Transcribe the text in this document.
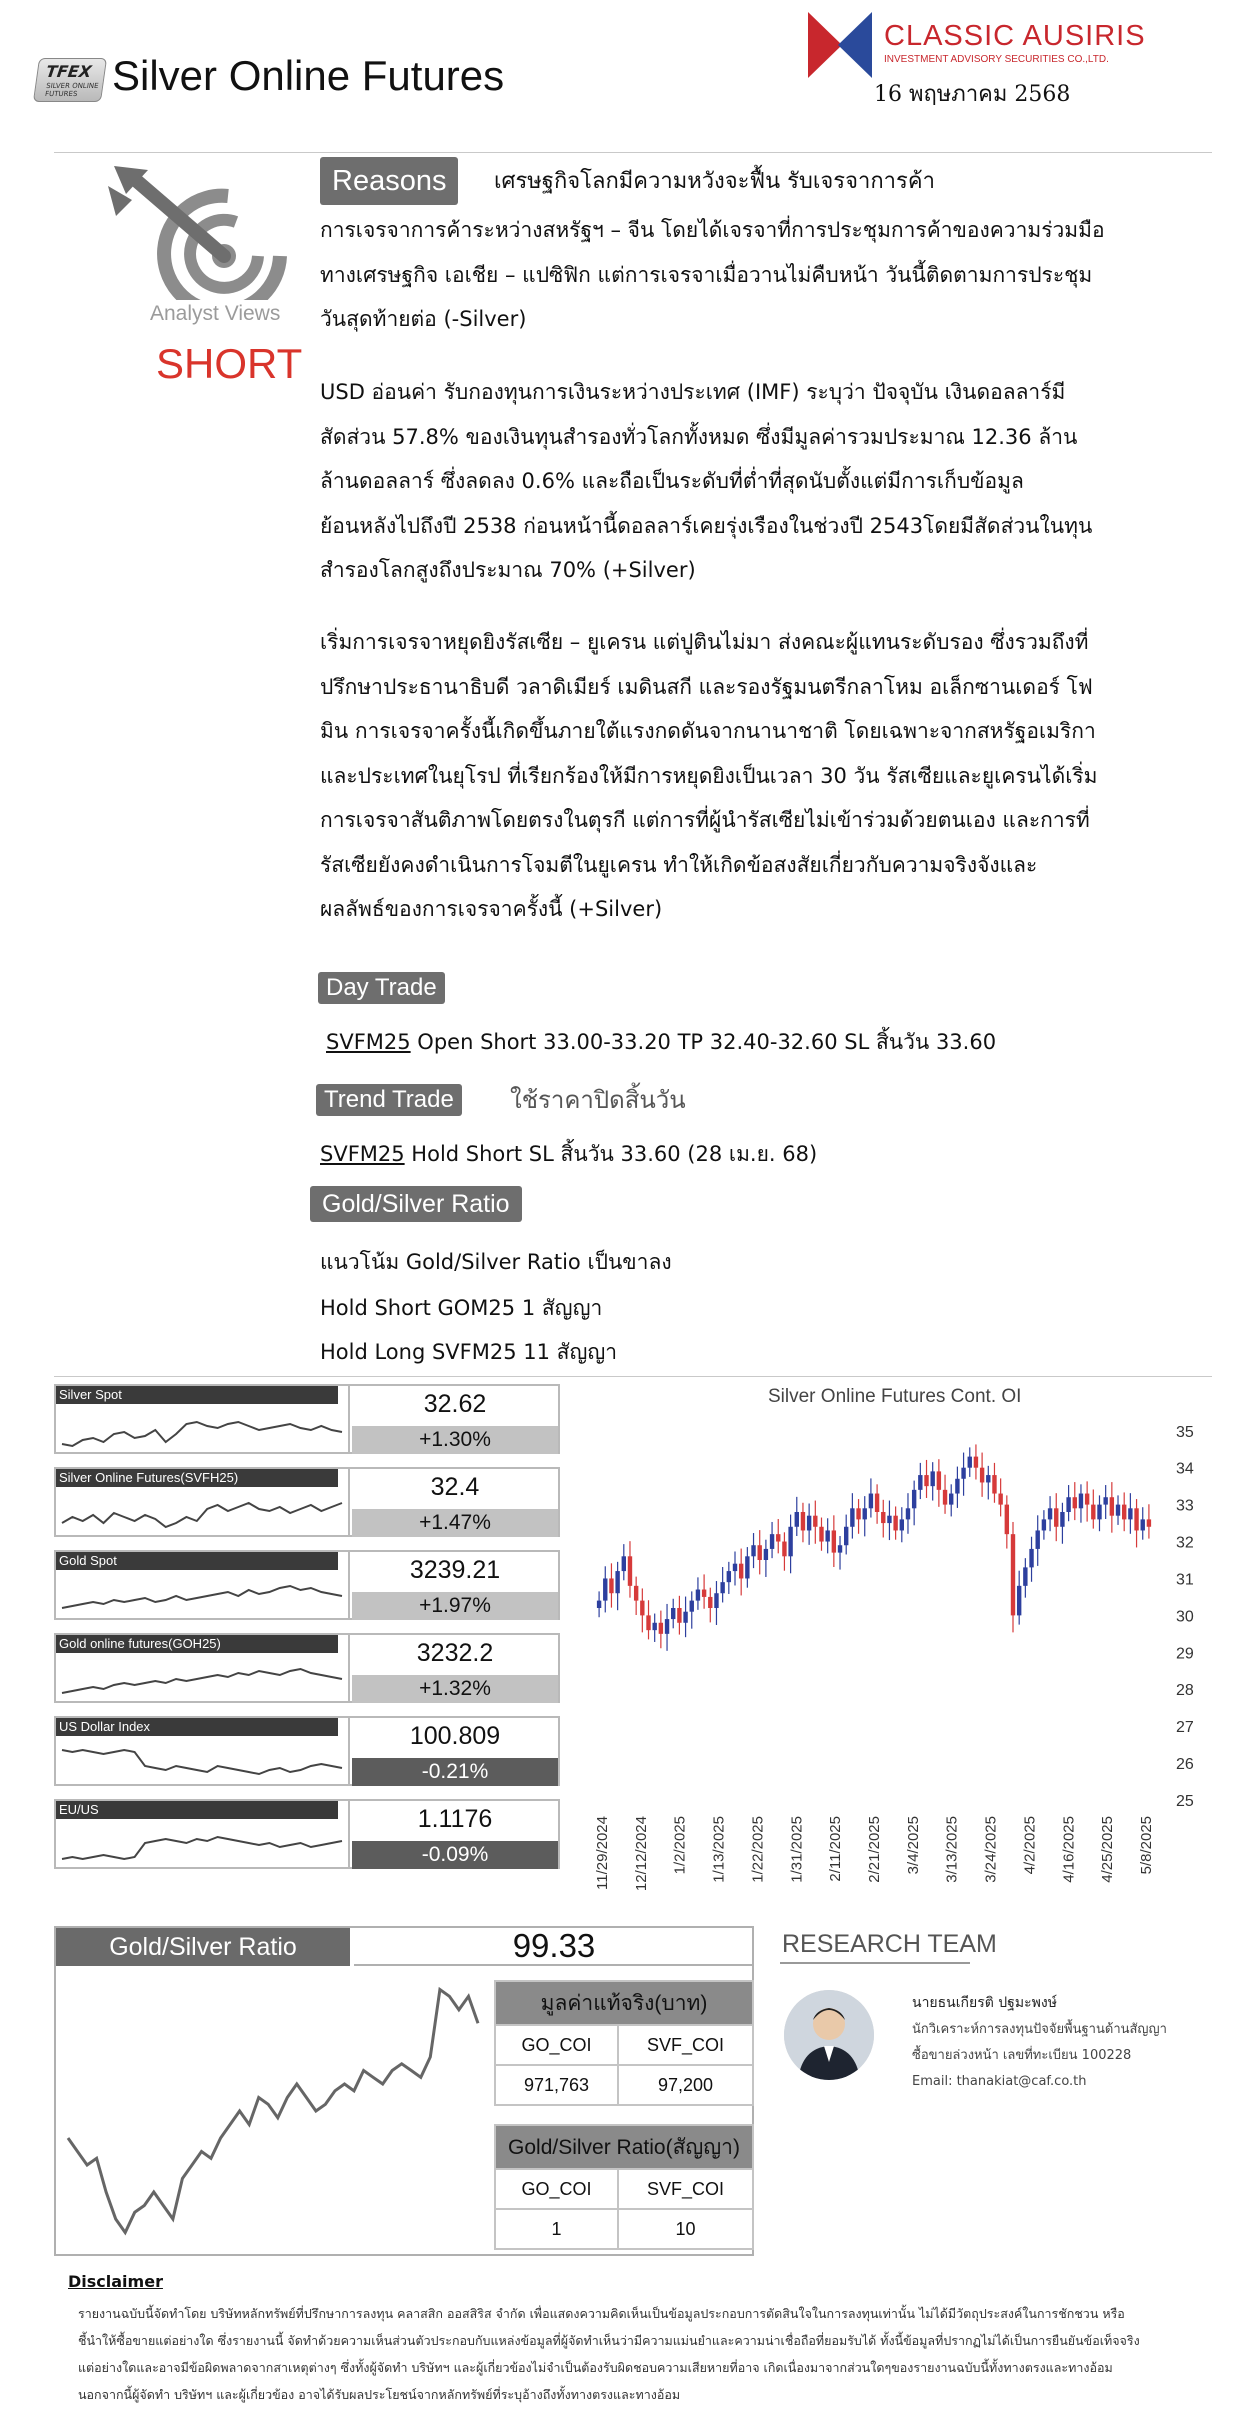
TFEX
SILVER ONLINE FUTURES Silver Online Futures
CLASSIC AUSIRIS
INVESTMENT ADVISORY SECURITIES CO.,LTD.
16 พฤษภาคม 2568
Analyst Views
SHORT
Reasons	เศรษฐกิจโลกมีความหวังจะฟื้น รับเจรจาการค้า
การเจรจาการค้าระหว่างสหรัฐฯ – จีน โดยได้เจรจาที่การประชุมการค้าของความร่วมมือ
ทางเศรษฐกิจ เอเชีย – แปซิฟิก แต่การเจรจาเมื่อวานไม่คืบหน้า วันนี้ติดตามการประชุม
วันสุดท้ายต่อ (-Silver)
USD อ่อนค่า รับกองทุนการเงินระหว่างประเทศ (IMF) ระบุว่า ปัจจุบัน เงินดอลลาร์มี
สัดส่วน 57.8% ของเงินทุนสำรองทั่วโลกทั้งหมด ซึ่งมีมูลค่ารวมประมาณ 12.36 ล้าน
ล้านดอลลาร์ ซึ่งลดลง 0.6% และถือเป็นระดับที่ต่ำที่สุดนับตั้งแต่มีการเก็บข้อมูล
ย้อนหลังไปถึงปี 2538 ก่อนหน้านี้ดอลลาร์เคยรุ่งเรืองในช่วงปี 2543โดยมีสัดส่วนในทุน
สำรองโลกสูงถึงประมาณ 70% (+Silver)
เริ่มการเจรจาหยุดยิงรัสเซีย – ยูเครน แต่ปูตินไม่มา ส่งคณะผู้แทนระดับรอง ซึ่งรวมถึงที่
ปรึกษาประธานาธิบดี วลาดิเมียร์ เมดินสกี และรองรัฐมนตรีกลาโหม อเล็กซานเดอร์ โฟ
มิน การเจรจาครั้งนี้เกิดขึ้นภายใต้แรงกดดันจากนานาชาติ โดยเฉพาะจากสหรัฐอเมริกา
และประเทศในยุโรป ที่เรียกร้องให้มีการหยุดยิงเป็นเวลา 30 วัน รัสเซียและยูเครนได้เริ่ม
การเจรจาสันติภาพโดยตรงในตุรกี แต่การที่ผู้นำรัสเซียไม่เข้าร่วมด้วยตนเอง และการที่
รัสเซียยังคงดำเนินการโจมตีในยูเครน ทำให้เกิดข้อสงสัยเกี่ยวกับความจริงจังและ
ผลลัพธ์ของการเจรจาครั้งนี้ (+Silver)
Day Trade
SVFM25 Open Short 33.00-33.20 TP 32.40-32.60 SL สิ้นวัน 33.60
Trend Trade	ใช้ราคาปิดสิ้นวัน
SVFM25 Hold Short SL สิ้นวัน 33.60 (28 เม.ย. 68)
Gold/Silver Ratio
แนวโน้ม Gold/Silver Ratio เป็นขาลง
Hold Short GOM25 1 สัญญา
Hold Long SVFM25 11 สัญญา
Silver Spot	32.62
+1.30%
Silver Online Futures(SVFH25)	32.4
+1.47%
Gold Spot	3239.21
+1.97%
Gold online futures(GOH25)	3232.2
+1.32%
US Dollar Index	100.809
-0.21%
EU/US	1.1176
-0.09%
Silver Online Futures Cont. OI
25
26
27
28
29
30
31
32
33
34
35
11/29/2024 12/12/2024 1/2/2025 1/13/2025 1/22/2025 1/31/2025 2/11/2025 2/21/2025 3/4/2025 3/13/2025 3/24/2025 4/2/2025 4/16/2025 4/25/2025 5/8/2025
Gold/Silver Ratio	99.33
มูลค่าแท้จริง(บาท)	
GO_COI	SVF_COI
971,763	97,200
Gold/Silver Ratio(สัญญา)	
GO_COI	SVF_COI
1	10
RESEARCH TEAM
นายธนเกียรติ ปฐมะพงษ์
นักวิเคราะห์การลงทุนปัจจัยพื้นฐานด้านสัญญา
ซื้อขายล่วงหน้า เลขที่ทะเบียน 100228
Email: thanakiat@caf.co.th
Disclaimer
รายงานฉบับนี้จัดทำโดย บริษัทหลักทรัพย์ที่ปรึกษาการลงทุน คลาสสิก ออสสิริส จำกัด เพื่อแสดงความคิดเห็นเป็นข้อมูลประกอบการตัดสินใจในการลงทุนเท่านั้น ไม่ได้มีวัตถุประสงค์ในการชักชวน หรือ
ชี้นำให้ซื้อขายแต่อย่างใด ซึ่งรายงานนี้ จัดทำด้วยความเห็นส่วนตัวประกอบกับแหล่งข้อมูลที่ผู้จัดทำเห็นว่ามีความแม่นยำและความน่าเชื่อถือที่ยอมรับได้ ทั้งนี้ข้อมูลที่ปรากฏไม่ได้เป็นการยืนยันข้อเท็จจริง
แต่อย่างใดและอาจมีข้อผิดพลาดจากสาเหตุต่างๆ ซึ่งทั้งผู้จัดทำ บริษัทฯ และผู้เกี่ยวข้องไม่จำเป็นต้องรับผิดชอบความเสียหายที่อาจ เกิดเนื่องมาจากส่วนใดๆของรายงานฉบับนี้ทั้งทางตรงและทางอ้อม
นอกจากนี้ผู้จัดทำ บริษัทฯ และผู้เกี่ยวข้อง อาจได้รับผลประโยชน์จากหลักทรัพย์ที่ระบุอ้างถึงทั้งทางตรงและทางอ้อม
